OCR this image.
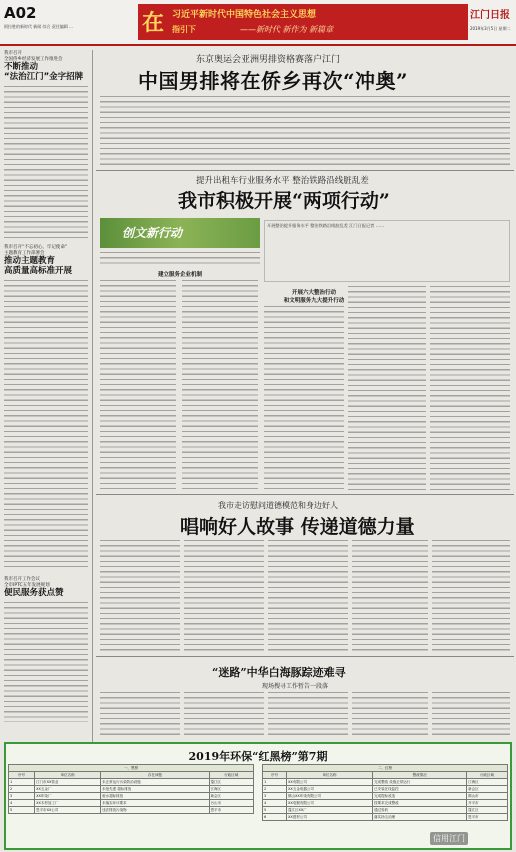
A02
阿拉胜的新时代 新闻 综合 责任编辑 ...	在 习近平新时代中国特色社会主义思想
指引下	——新时代 新作为 新篇章
江门日报
2019年3月5日 星期二
我市召开
全国侨乡经济发展工作推进会
不断推动
“法治江门”金字招牌
我市召开“不忘初心、牢记使命”
主题教育工作部署会
推动主题教育
高质量高标准开展
我市召开工作会议
全市IPTC五年发展规划
便民服务获点赞
东京奥运会亚洲男排资格赛落户江门
中国男排将在侨乡再次“冲奥”
提升出租车行业服务水平 整治铁路沿线脏乱差
我市积极开展“两项行动”
创文新行动
开展整治提升服务水平 整治铁路沿线脏乱差 江门日报记者 ……
建立服务企业机制
开展六大整治行动
和文明服务九大提升行动
我市走访慰问道德模范和身边好人
唱响好人故事 传递道德力量
“迷路”中华白海豚踪迹难寻
现场搜寻工作暂告一段落
2019年环保“红黑榜”第7期
一、黑榜			
序号	单位名称	存在问题	行政区域
1	江门市XX管业	未正常运行污染防治设施	蓬江区
2	XX五金厂	未批先建 超标排放	江海区
3	XX印染厂	废水超标排放	新会区
4	XX木材加工厂	未落实环评要求	台山市
5	恩平市XX公司	违法排放污染物	恩平市
二、红榜			
序号	单位名称	整改情况	行政区域
1	XX有限公司	完成整改 设施正常运行	江海区
2	XX五金电器公司	已安装在线监控	新会区
3	鹤山XX印染有限公司	完成提标改造	鹤山市
4	XX电镀有限公司	按要求完成整改	开平市
5	蓬江区XX厂	通过验收	蓬江区
6	XX建材公司	落实扬尘治理	恩平市
信用江门
